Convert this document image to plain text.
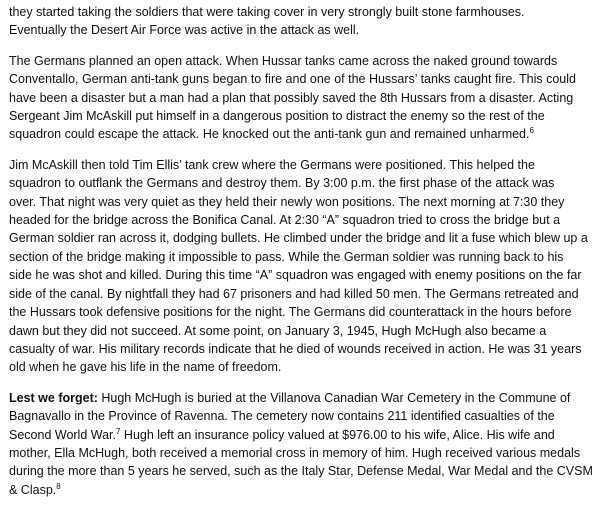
they started taking the soldiers that were taking cover in very strongly built stone farmhouses.
Eventually the Desert Air Force was active in the attack as well.

The Germans planned an open attack. When Hussar tanks came across the naked ground towards
Conventallo, German anti-tank guns began to fire and one of the Hussars’ tanks caught fire. This could
have been a disaster but a man had a plan that possibly saved the 8th Hussars from a disaster. Acting
Sergeant Jim McAskill put himself in a dangerous position to distract the enemy so the rest of the
squadron could escape the attack. He knocked out the anti-tank gun and remained unharmed.$^6$

Jim McAskill then told Tim Ellis’ tank crew where the Germans were positioned. This helped the
squadron to outflank the Germans and destroy them. By 3:00 p.m. the first phase of the attack was
over. That night was very quiet as they held their newly won positions. The next morning at 7:30 they
headed for the bridge across the Bonifica Canal. At 2:30 “A” squadron tried to cross the bridge but a
German soldier ran across it, dodging bullets. He climbed under the bridge and lit a fuse which blew up a
section of the bridge making it impossible to pass. While the German soldier was running back to his
side he was shot and killed. During this time “A” squadron was engaged with enemy positions on the far
side of the canal. By nightfall they had 67 prisoners and had killed 50 men. The Germans retreated and
the Hussars took defensive positions for the night. The Germans did counterattack in the hours before
dawn but they did not succeed. At some point, on January 3, 1945, Hugh McHugh also became a
casualty of war. His military records indicate that he died of wounds received in action. He was 31 years
old when he gave his life in the name of freedom.

Lest we forget: Hugh McHugh is buried at the Villanova Canadian War Cemetery in the Commune of
Bagnavallo in the Province of Ravenna. The cemetery now contains 211 identified casualties of the
Second World War.$^7$ Hugh left an insurance policy valued at $976.00 to his wife, Alice. His wife and
mother, Ella McHugh, both received a memorial cross in memory of him. Hugh received various medals
during the more than 5 years he served, such as the Italy Star, Defense Medal, War Medal and the CVSM
& Clasp.$^8$
